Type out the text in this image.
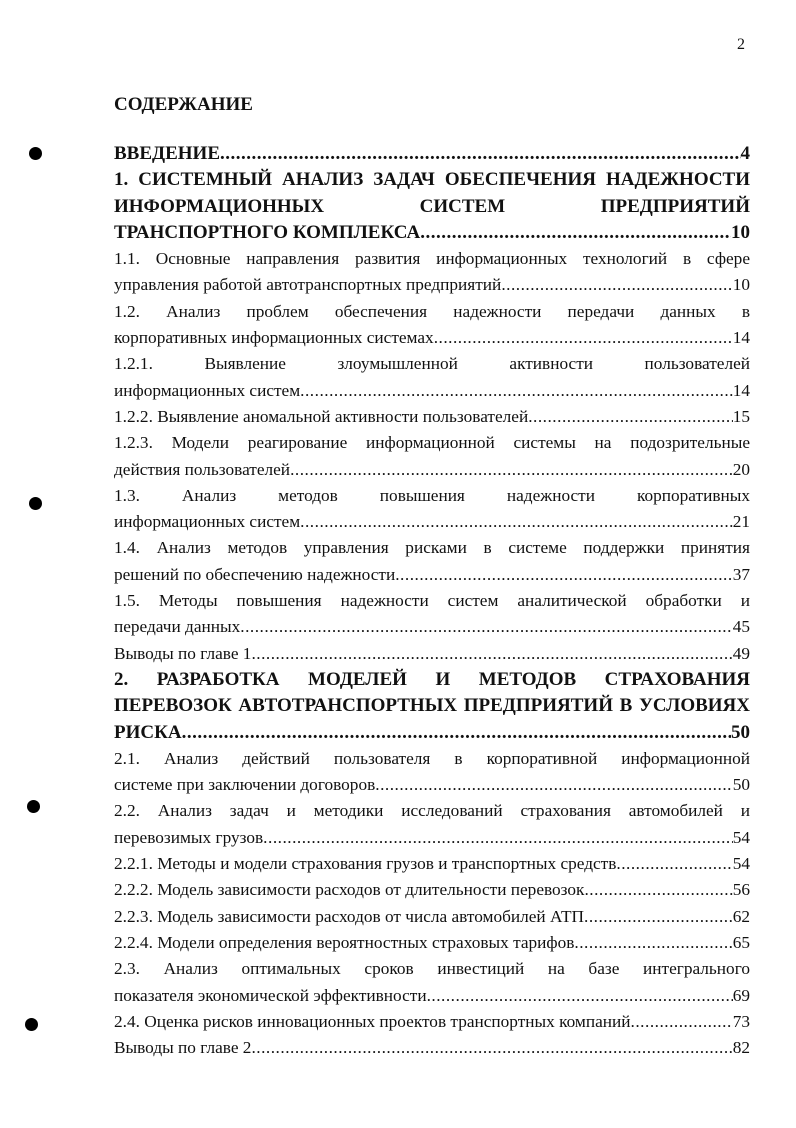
2
СОДЕРЖАНИЕ
ВВЕДЕНИЕ .....	4
1. СИСТЕМНЫЙ АНАЛИЗ ЗАДАЧ ОБЕСПЕЧЕНИЯ НАДЕЖНОСТИ
ИНФОРМАЦИОННЫХ СИСТЕМ ПРЕДПРИЯТИЙ
ТРАНСПОРТНОГО КОМПЛЕКСА .....	10
1.1. Основные направления развития информационных технологий в сфере
управления работой автотранспортных предприятий .....	10
1.2. Анализ проблем обеспечения надежности передачи данных в
корпоративных информационных системах .....	14
1.2.1. Выявление злоумышленной активности пользователей
информационных систем .....	14
1.2.2. Выявление аномальной активности пользователей .....	15
1.2.3. Модели реагирование информационной системы на подозрительные
действия пользователей .....	20
1.3. Анализ методов повышения надежности корпоративных
информационных систем .....	21
1.4. Анализ методов управления рисками в системе поддержки принятия
решений по обеспечению надежности .....	37
1.5. Методы повышения надежности систем аналитической обработки и
передачи данных .....	45
Выводы по главе 1 .....	49
2. РАЗРАБОТКА МОДЕЛЕЙ И МЕТОДОВ СТРАХОВАНИЯ
ПЕРЕВОЗОК АВТОТРАНСПОРТНЫХ ПРЕДПРИЯТИЙ В УСЛОВИЯХ
РИСКА .....	50
2.1. Анализ действий пользователя в корпоративной информационной
системе при заключении договоров .....	50
2.2. Анализ задач и методики исследований страхования автомобилей и
перевозимых грузов .....	54
2.2.1. Методы и модели страхования грузов и транспортных средств .....	54
2.2.2. Модель зависимости расходов от длительности перевозок .....	56
2.2.3. Модель зависимости расходов от числа автомобилей АТП .....	62
2.2.4. Модели определения вероятностных страховых тарифов .....	65
2.3. Анализ оптимальных сроков инвестиций на базе интегрального
показателя экономической эффективности .....	69
2.4. Оценка рисков инновационных проектов транспортных компаний .....	73
Выводы по главе 2 .....	82
